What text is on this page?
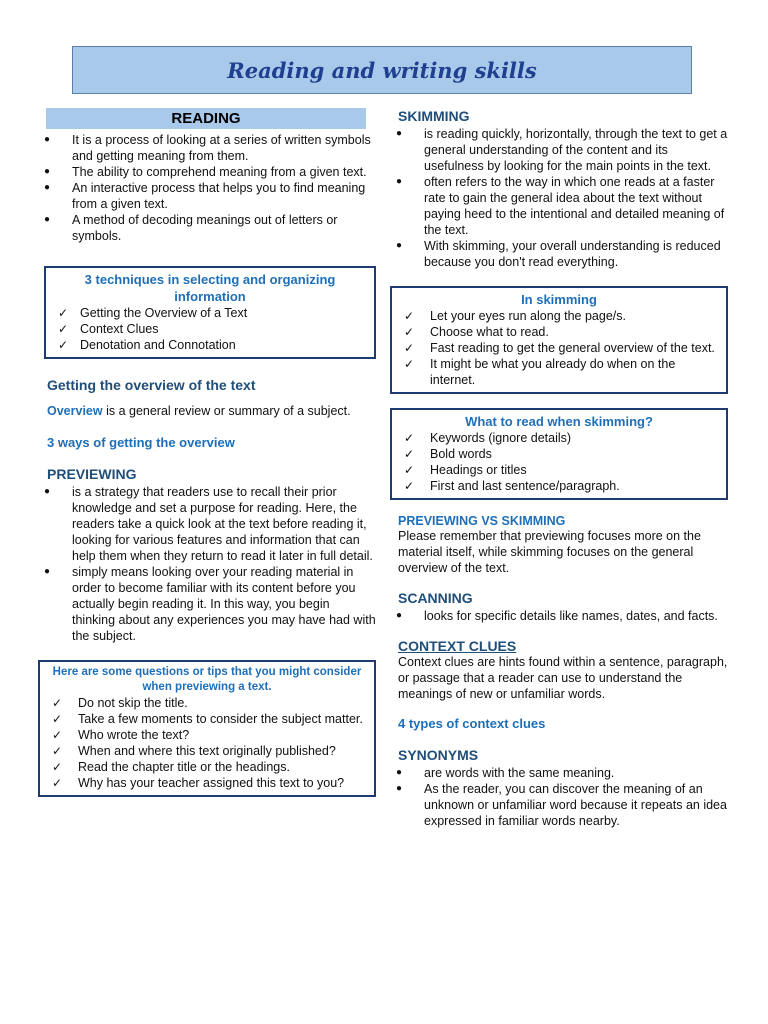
Reading and writing skills
READING
● It is a process of looking at a series of written symbols and getting meaning from them.
● The ability to comprehend meaning from a given text.
● An interactive process that helps you to find meaning from a given text.
● A method of decoding meanings out of letters or symbols.
3 techniques in selecting and organizing information
✓ Getting the Overview of a Text
✓ Context Clues
✓ Denotation and Connotation
Getting the overview of the text

Overview is a general review or summary of a subject.

3 ways of getting the overview
PREVIEWING
● is a strategy that readers use to recall their prior knowledge and set a purpose for reading. Here, the readers take a quick look at the text before reading it, looking for various features and information that can help them when they return to read it later in full detail.
● simply means looking over your reading material in order to become familiar with its content before you actually begin reading it. In this way, you begin thinking about any experiences you may have had with the subject.
Here are some questions or tips that you might consider when previewing a text.
✓ Do not skip the title.
✓ Take a few moments to consider the subject matter.
✓ Who wrote the text?
✓ When and where this text originally published?
✓ Read the chapter title or the headings.
✓ Why has your teacher assigned this text to you?
SKIMMING
● is reading quickly, horizontally, through the text to get a general understanding of the content and its usefulness by looking for the main points in the text.
● often refers to the way in which one reads at a faster rate to gain the general idea about the text without paying heed to the intentional and detailed meaning of the text.
● With skimming, your overall understanding is reduced because you don't read everything.
In skimming
✓ Let your eyes run along the page/s.
✓ Choose what to read.
✓ Fast reading to get the general overview of the text.
✓ It might be what you already do when on the internet.
What to read when skimming?
✓ Keywords (ignore details)
✓ Bold words
✓ Headings or titles
✓ First and last sentence/paragraph.
PREVIEWING VS SKIMMING

Please remember that previewing focuses more on the material itself, while skimming focuses on the general overview of the text.

SCANNING
● looks for specific details like names, dates, and facts.
CONTEXT CLUES

Context clues are hints found within a sentence, paragraph, or passage that a reader can use to understand the meanings of new or unfamiliar words.

4 types of context clues
SYNONYMS
● are words with the same meaning.
● As the reader, you can discover the meaning of an unknown or unfamiliar word because it repeats an idea expressed in familiar words nearby.
